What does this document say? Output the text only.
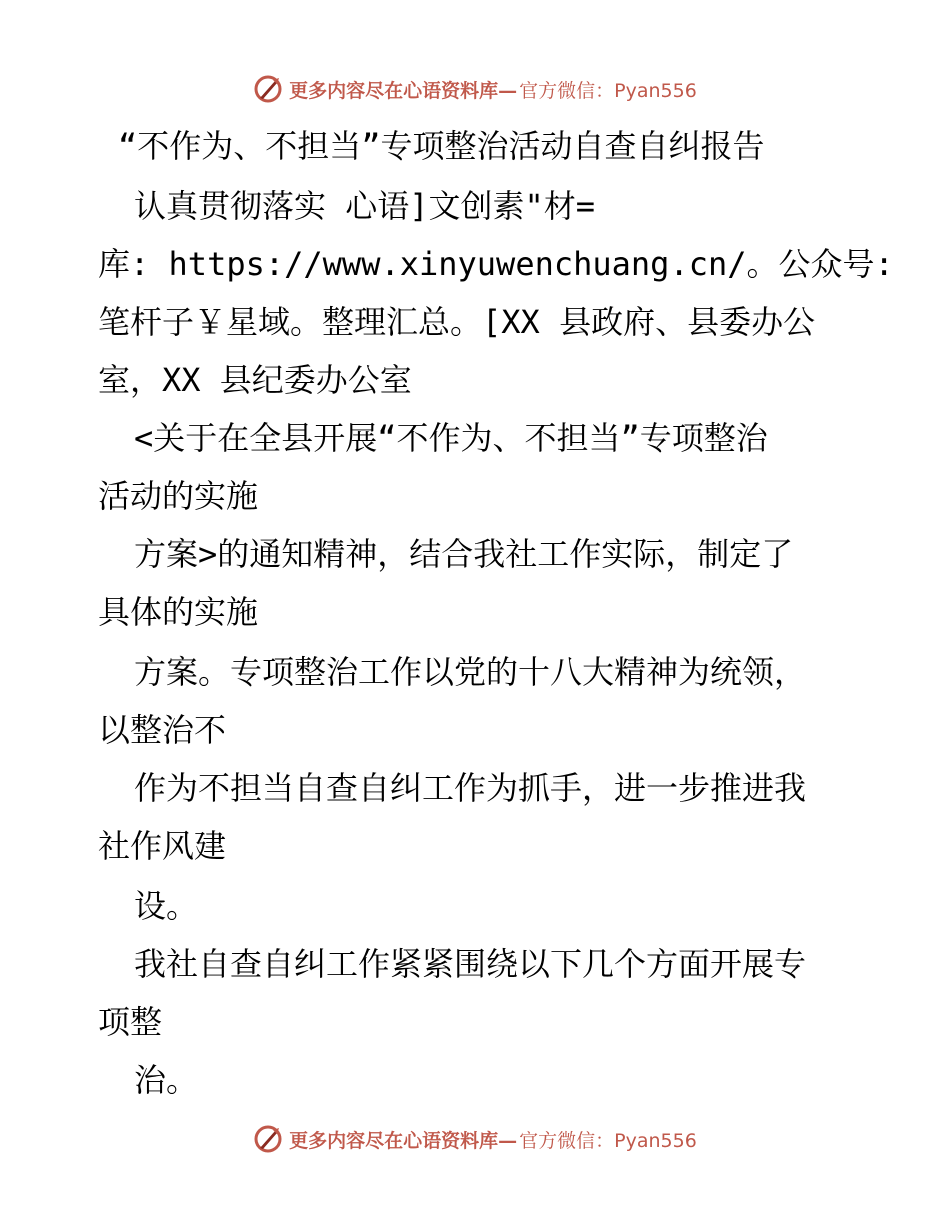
更多内容尽在心语资料库— 官方微信：Pyan556
“不作为、不担当”专项整治活动自查自纠报告
认真贯彻落实 心语]文创素"材=
库: https://www.xinyuwenchuang.cn/。公众号:
笔杆子￥星域。整理汇总。[XX 县政府、县委办公
室，XX 县纪委办公室
<关于在全县开展“不作为、不担当”专项整治
活动的实施
方案>的通知精神，结合我社工作实际，制定了
具体的实施
方案。专项整治工作以党的十八大精神为统领，
以整治不
作为不担当自查自纠工作为抓手，进一步推进我
社作风建
设。
我社自查自纠工作紧紧围绕以下几个方面开展专
项整
治。
更多内容尽在心语资料库— 官方微信：Pyan556
